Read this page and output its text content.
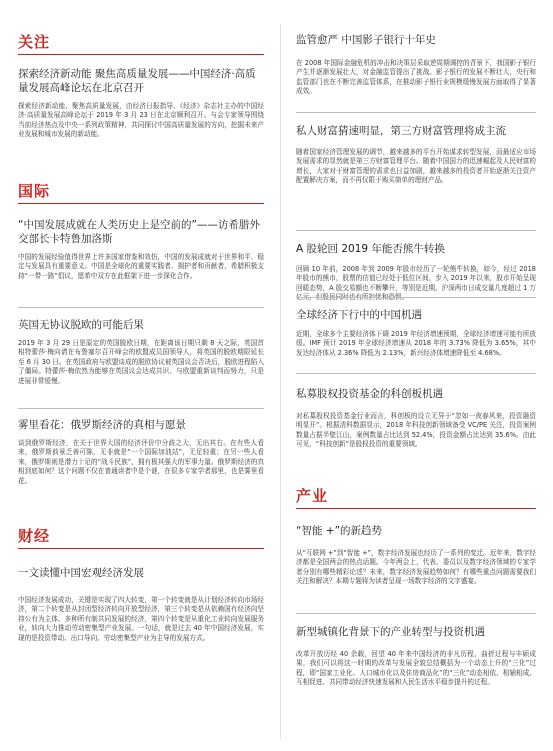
关注
探索经济新动能 聚焦高质量发展——中国经济·高质量发展高峰论坛在北京召开

探索经济新动能、聚焦高质量发展，由经济日报指导、《经济》杂志社主办的中国经济·高质量发展高峰论坛于 2019 年 3 月 23 日在北京顺利召开。与会专家领导围绕当前经济热点及中央一系列政策精神，共同探讨中国高质量发展的方向，挖掘未来产业发展和城市发展的新动能。

国际
“中国发展成就在人类历史上是空前的”——访希腊外交部长卡特鲁加洛斯

中国的发展经验值得世界上许多国家借鉴和效仿，中国的发展成就对于世界和平、稳定与发展具有重要意义。中国是全球化的重要实践者、拥护者和贡献者，希腊积极支持“一带一路”倡议，愿希中双方在此框架下进一步深化合作。

英国无协议脱欧的可能后果

2019 年 3 月 29 日是原定的英国脱欧日期，在距离该日期只剩 8 天之际，英国首相特蕾莎·梅向请在布鲁塞尔召开峰会的欧盟成员国领导人，将英国的脱欧期限延长至 6 月 30 日。在英国政府与欧盟谈成的脱欧协议被英国议会否决后，脱欧进程陷入了僵局。特蕾莎·梅依然为能够在英国议会达成共识、与欧盟重新谈判而努力，只是进展非常缓慢。

雾里看花：俄罗斯经济的真相与愿景

谈到俄罗斯经济，在关于世界大国的经济评价中分歧之大，无出其右。在有些人看来，俄罗斯前景乏善可陈，无非就是“一个国际加油站”，无足轻重；在另一些人看来，俄罗斯则是潜力十足的“战斗民族”，拥有极其强大的军事力量。俄罗斯经济的真相到底如何？这个问题不仅在普通读者中是个谜，在很多专家学者那里，也是雾里看花。

财经
一文读懂中国宏观经济发展

中国经济发展成功，关键是实现了四大转变，第一个转变就是从计划经济转向市场经济，第二个转变是从封闭型经济转向开放型经济，第三个转变是从依赖国有经济向坚持公有为主体、多种所有制共同发展的经济，第四个转变是从重化工业转向发展服务业，转向大力推动劳动密集型产业发展。一句话，就是过去 40 年中国经济发展，实现的是投资带动、出口导向、劳动密集型产业为主导的发展方式。

监管愈严 中国影子银行十年史

在 2008 年国际金融危机的冲击和决策层采取逆周期调控的背景下，我国影子银行产生并逐渐发展壮大，对金融监管提出了挑战。影子银行的发展不断壮大，央行和监管部门也在不断完善监管体系，在推动影子银行业规模缓慢发展方面取得了显著成效。

私人财富猜速明显，第三方财富管理将成主流

随着国家经济管理发展的调节，越来越多的平台开始谋求转型发展，而最适应市场发展需求的显然就是第三方财富管理平台。随着中国国力的迅速崛起及人民财富的增长，大家对于财富管理的需求也日益加剧，越来越多的投资者开始逐渐关注资产配置解决方案，而不再仅限于购买简单的理财产品。

A 股轮回 2019 年能否熊牛转换

回顾 10 年前，2008 年到 2009 年股市经历了一轮熊牛转换，如今，经过 2018 年股市的熊市，股票的估值已经处于低位区间，步入 2019 年以来，股市开始呈现回暖态势，A 股交易额也不断攀升，等别是近期，沪深两市日成交量几度超过 1 万亿元，但股民同时也有所担忧和恐惧。

全球经济下行中的中国机遇

近期，全球多个主要经济体下调 2019 年经济增速预期，全球经济增速可能有所放缓。IMF 预计 2019 年全球经济增速从 2018 年的 3.73% 降低为 3.65%，其中发达经济体从 2.36% 降低为 2.13%，新兴经济体增速降低至 4.68%。

私募股权投资基金的科创板机遇

对私募股权投资基金行业而言，科创板的设立无异于“忽如一夜春风来，投资融资明显开”。根据清科数据显示，2018 年科技创新领域备受 VC/PE 关注，投资案例数量占据半壁江山，案例数量占比达到 52.4%，投资金额占比达到 35.6%。由此可见，“科技创新”是股权投资的重要领域。

产业
“智能 +”的新趋势

从“互联网 +”到“智能 +”，数字经济发展也经历了一系列的变迁。近年来，数字经济都是全国两会的热点话题。今年两会上，代表、委员以及数字经济领域的专家学者分别有哪些精彩论述？未来，数字经济发展趋势如何？有哪些重点问题需要我们关注和解决？本期专题将为读者呈现一场数字经济的文字盛宴。

新型城镇化背景下的产业转型与投资机遇

改革开放历经 40 余载，回望 40 年来中国经济的非凡历程，曲折过程与丰硕成果，我们可以将这一时期的改革与发展全貌总结概括为一个动态上升的“三化”过程，即“国家工业化、人口城市化以及住房商品化”的“三化”动态相依、相辅相成、互相促进、共同带动经济快速发展和人民生活水平稳步提升的过程。
